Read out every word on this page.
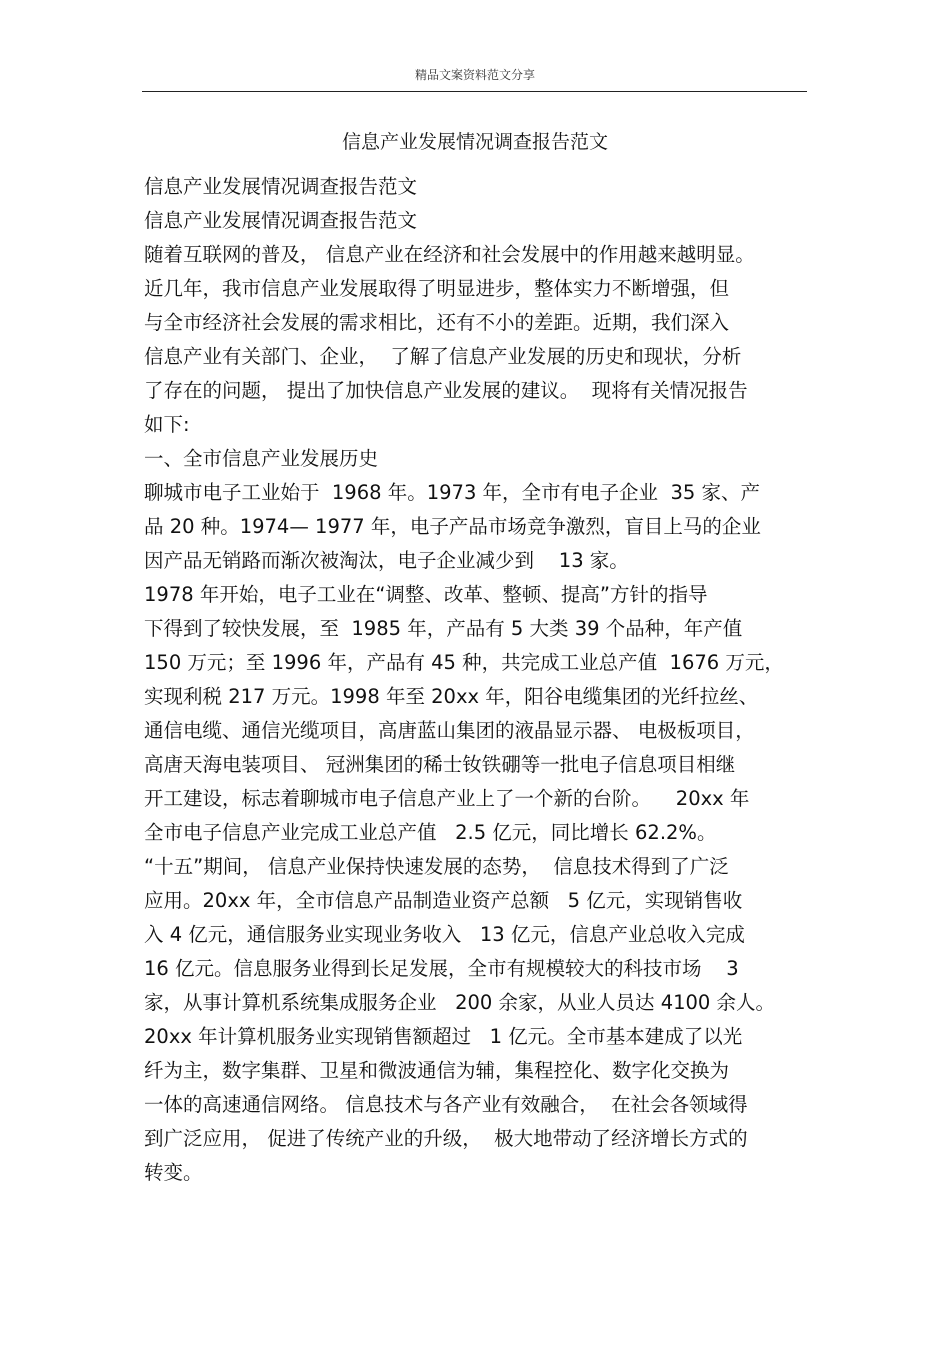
精品文案资料范文分享
信息产业发展情况调查报告范文
信息产业发展情况调查报告范文
信息产业发展情况调查报告范文
随着互联网的普及， 信息产业在经济和社会发展中的作用越来越明显。
近几年，我市信息产业发展取得了明显进步，整体实力不断增强，但
与全市经济社会发展的需求相比，还有不小的差距。近期，我们深入
信息产业有关部门、企业，  了解了信息产业发展的历史和现状，分析
了存在的问题， 提出了加快信息产业发展的建议。  现将有关情况报告
如下:
一、全市信息产业发展历史
聊城市电子工业始于  1968 年。1973 年，全市有电子企业  35 家、产
品 20 种。1974— 1977 年，电子产品市场竞争激烈，盲目上马的企业
因产品无销路而渐次被淘汰，电子企业减少到    13 家。
1978 年开始，电子工业在“调整、改革、整顿、提高”方针的指导
下得到了较快发展，至  1985 年，产品有 5 大类 39 个品种，年产值
150 万元；至 1996 年，产品有 45 种，共完成工业总产值  1676 万元，
实现利税 217 万元。1998 年至 20xx 年，阳谷电缆集团的光纤拉丝、
通信电缆、通信光缆项目，高唐蓝山集团的液晶显示器、 电极板项目，
高唐天海电装项目、 冠洲集团的稀士钕铁硼等一批电子信息项目相继
开工建设，标志着聊城市电子信息产业上了一个新的台阶。    20xx 年
全市电子信息产业完成工业总产值   2.5 亿元，同比增长 62.2%。
“十五”期间， 信息产业保持快速发展的态势，  信息技术得到了广泛
应用。20xx 年，全市信息产品制造业资产总额   5 亿元，实现销售收
入 4 亿元，通信服务业实现业务收入   13 亿元，信息产业总收入完成
16 亿元。信息服务业得到长足发展，全市有规模较大的科技市场    3
家，从事计算机系统集成服务企业   200 余家，从业人员达 4100 余人。
20xx 年计算机服务业实现销售额超过   1 亿元。全市基本建成了以光
纤为主，数字集群、卫星和微波通信为辅，集程控化、数字化交换为
一体的高速通信网络。 信息技术与各产业有效融合，  在社会各领域得
到广泛应用， 促进了传统产业的升级，  极大地带动了经济增长方式的
转变。
